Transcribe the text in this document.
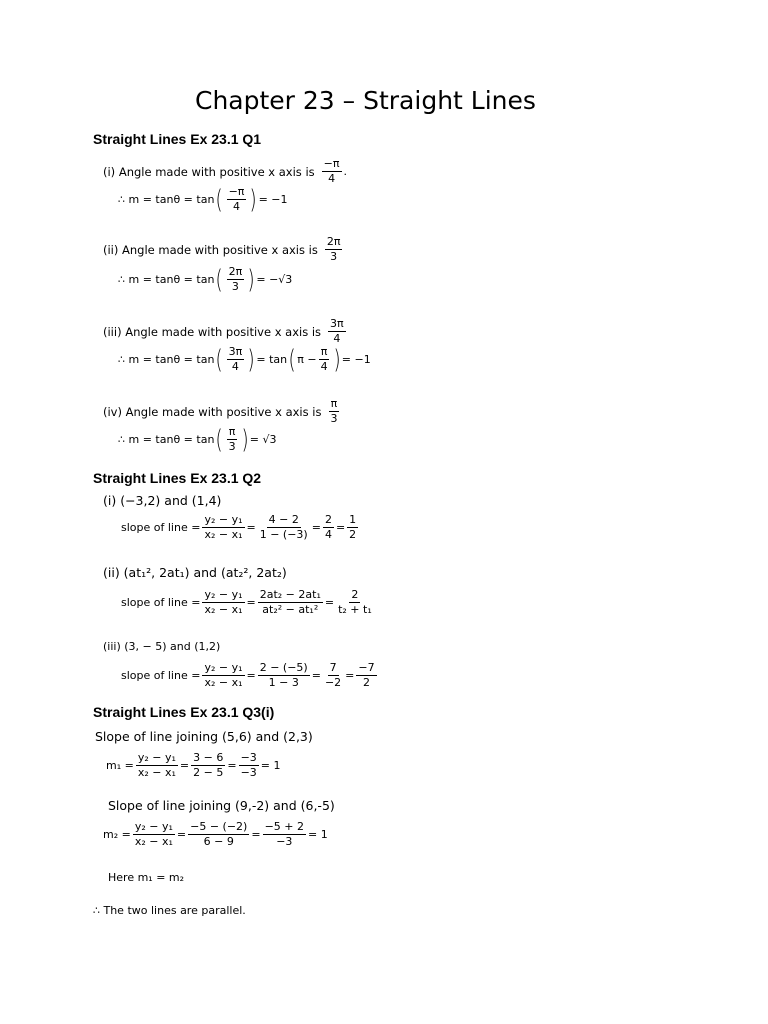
Chapter 23 – Straight Lines
Straight Lines Ex 23.1 Q1
(i) Angle made with positive x axis is $\frac{-\pi}{4}$ .
∴ m = tanθ = tan ( $\frac{-\pi}{4}$ ) = −1
(ii) Angle made with positive x axis is $\frac{2\pi}{3}$
∴ m = tanθ = tan ( $\frac{2\pi}{3}$ ) = −√3
(iii) Angle made with positive x axis is $\frac{3\pi}{4}$
∴ m = tanθ = tan ( $\frac{3\pi}{4}$ ) = tan ( $\pi - \frac{\pi}{4}$ ) = −1
(iv) Angle made with positive x axis is $\frac{\pi}{3}$
∴ m = tanθ = tan ( $\frac{\pi}{3}$ ) = √3
Straight Lines Ex 23.1 Q2
(i) (−3,2) and (1,4)
slope of line = $\frac{\text{y₂ − y₁}}{\text{x₂ − x₁}} = \frac{4 - 2}{1 - (-3)} = \frac{2}{4} = \frac{1}{2}$
(ii) (at₁², 2at₁) and (at₂², 2at₂)
slope of line = $\frac{\text{y₂ − y₁}}{\text{x₂ − x₁}} = \frac{\text{2at₂ − 2at₁}}{\text{at₂² − at₁²}} = \frac{2}{\text{t₂ + t₁}}$
(iii) (3, − 5) and (1,2)
slope of line = $\frac{\text{y₂ − y₁}}{\text{x₂ − x₁}} = \frac{2 - (-5)}{1 - 3} = \frac{7}{-2} = \frac{-7}{2}$
Straight Lines Ex 23.1 Q3(i)
Slope of line joining (5,6) and (2,3)
$m_1 = \frac{\text{y₂ − y₁}}{\text{x₂ − x₁}} = \frac{3 - 6}{2 - 5} = \frac{-3}{-3} = 1$
Slope of line joining (9,-2) and (6,-5)
$m_2 = \frac{\text{y₂ − y₁}}{\text{x₂ − x₁}} = \frac{-5 - (-2)}{6 - 9} = \frac{-5 + 2}{-3} = 1$
Here m₁ = m₂
∴ The two lines are parallel.
